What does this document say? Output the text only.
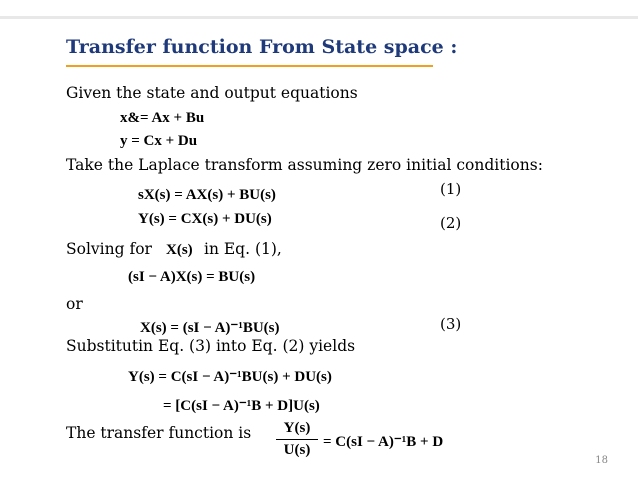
Transfer function From State space :
Given the state and output equations
x&= Ax + Bu
y = Cx + Du
Take the Laplace transform assuming zero initial conditions:
sX(s) = AX(s) + BU(s)	(1)
Y(s) = CX(s) + DU(s)	(2)
Solving for X(s) in Eq. (1),
(sI − A)X(s) = BU(s)
or
X(s) = (sI − A)⁻¹BU(s)	(3)
Substitutin Eq. (3) into Eq. (2) yields
Y(s) = C(sI − A)⁻¹BU(s) + DU(s)
= [C(sI − A)⁻¹B + D]U(s)
The transfer function is	Y(s)
U(s) = C(sI − A)⁻¹B + D
18
